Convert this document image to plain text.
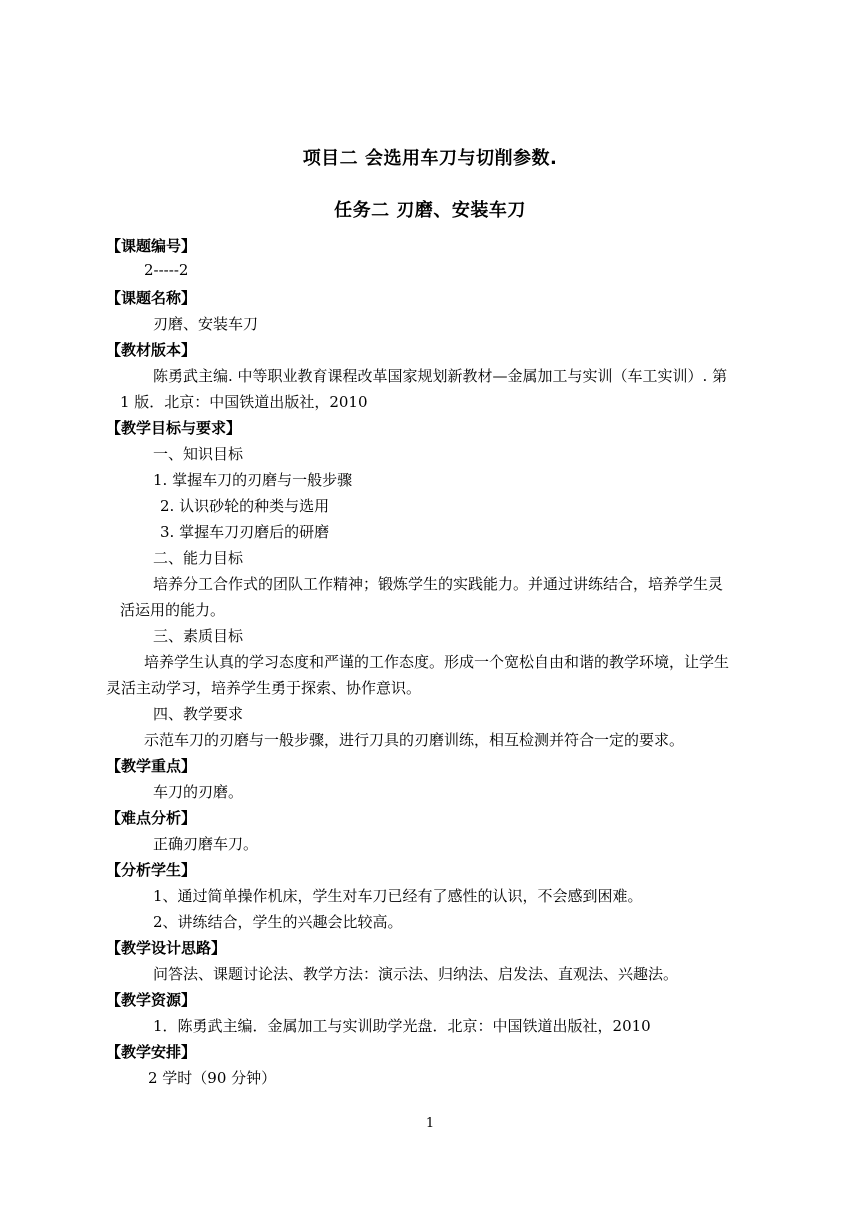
项目二 会选用车刀与切削参数.
任务二 刃磨、安装车刀
【课题编号】
2-----2
【课题名称】
刃磨、安装车刀
【教材版本】
陈勇武主编. 中等职业教育课程改革国家规划新教材—金属加工与实训（车工实训）. 第
1 版．北京：中国铁道出版社，2010
【教学目标与要求】
一、知识目标
1. 掌握车刀的刃磨与一般步骤
2. 认识砂轮的种类与选用
3. 掌握车刀刃磨后的研磨
二、能力目标
培养分工合作式的团队工作精神；锻炼学生的实践能力。并通过讲练结合，培养学生灵
活运用的能力。
三、素质目标
培养学生认真的学习态度和严谨的工作态度。形成一个宽松自由和谐的教学环境，让学生
灵活主动学习，培养学生勇于探索、协作意识。
四、教学要求
示范车刀的刃磨与一般步骤，进行刀具的刃磨训练，相互检测并符合一定的要求。
【教学重点】
车刀的刃磨。
【难点分析】
正确刃磨车刀。
【分析学生】
1、通过简单操作机床，学生对车刀已经有了感性的认识，不会感到困难。
2、讲练结合，学生的兴趣会比较高。
【教学设计思路】
问答法、课题讨论法、教学方法：演示法、归纳法、启发法、直观法、兴趣法。
【教学资源】
1．陈勇武主编．金属加工与实训助学光盘．北京：中国铁道出版社，2010
【教学安排】
2 学时（90 分钟）
1
